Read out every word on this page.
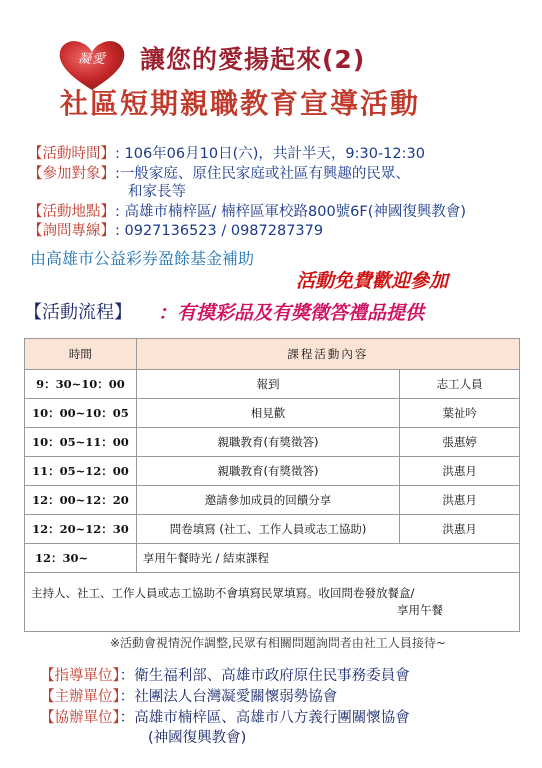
凝愛	讓您的愛揚起來(2)
社區短期親職教育宣導活動
【活動時間】: 106年06月10日(六)，共計半天，9:30-12:30
【參加對象】:一般家庭、原住民家庭或社區有興趣的民眾、
和家長等
【活動地點】: 高雄市楠梓區/ 楠梓區軍校路800號6F(神國復興教會)
【詢問專線】: 0927136523 / 0987287379
由高雄市公益彩券盈餘基金補助
活動免費歡迎參加
【活動流程】 ：有摸彩品及有獎徵答禮品提供
時間	課程活動內容	
9：30~10：00	報到	志工人員
10：00~10：05	相見歡	葉祉吟
10：05~11：00	親職教育(有獎徵答)	張惠婷
11：05~12：00	親職教育(有獎徵答)	洪惠月
12：00~12：20	邀請參加成員的回饋分享	洪惠月
12：20~12：30	問卷填寫 (社工、工作人員或志工協助)	洪惠月
12：30~	享用午餐時光 / 結束課程	

主持人、社工、工作人員或志工協助不會填寫民眾填寫。收回問卷發放餐盒/
享用午餐		
※活動會視情況作調整,民眾有相關問題詢問者由社工人員接待~
【指導單位】：衛生福利部、高雄市政府原住民事務委員會
【主辦單位】：社團法人台灣凝愛關懷弱勢協會
【協辦單位】：高雄市楠梓區、高雄市八方義行團關懷協會
(神國復興教會)
